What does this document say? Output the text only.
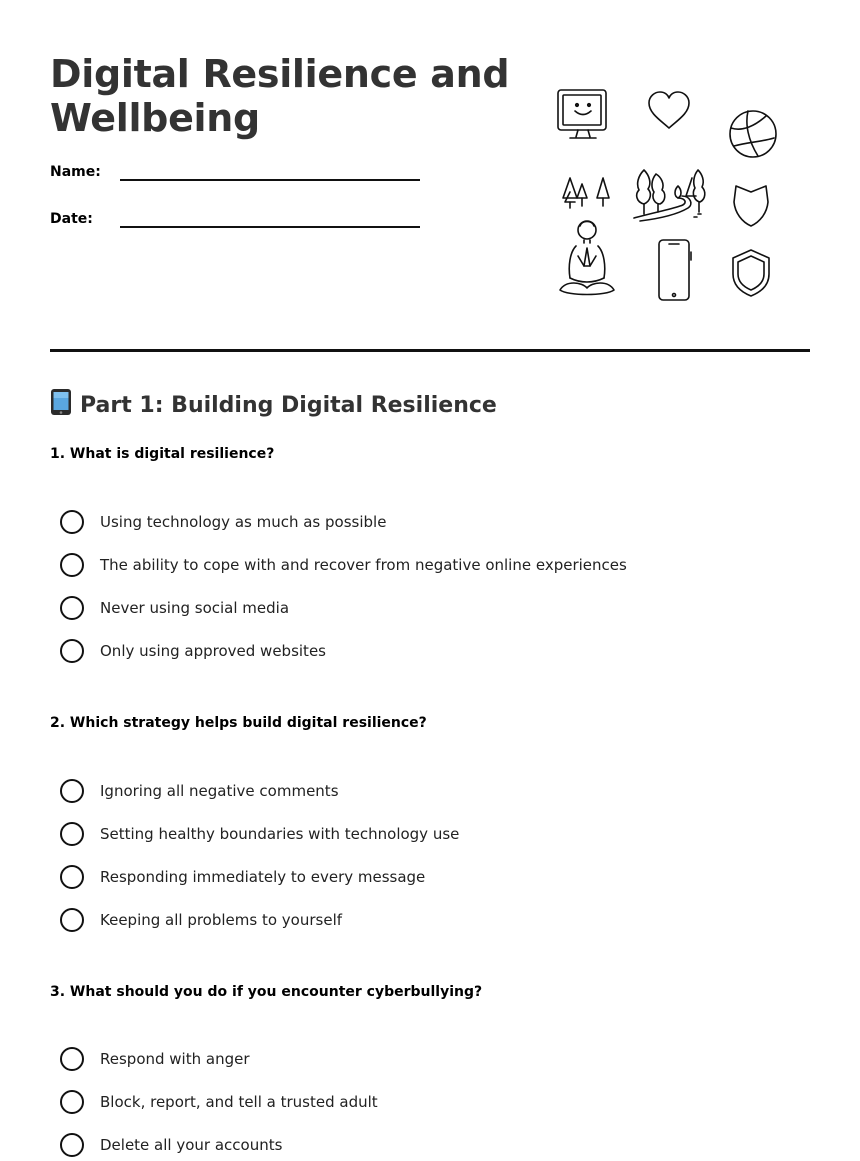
Digital Resilience and
Wellbeing
Name:
Date:
Part 1: Building Digital Resilience

1. What is digital resilience?

Using technology as much as possible
The ability to cope with and recover from negative online experiences
Never using social media
Only using approved websites

2. Which strategy helps build digital resilience?

Ignoring all negative comments
Setting healthy boundaries with technology use
Responding immediately to every message
Keeping all problems to yourself

3. What should you do if you encounter cyberbullying?

Respond with anger
Block, report, and tell a trusted adult
Delete all your accounts
